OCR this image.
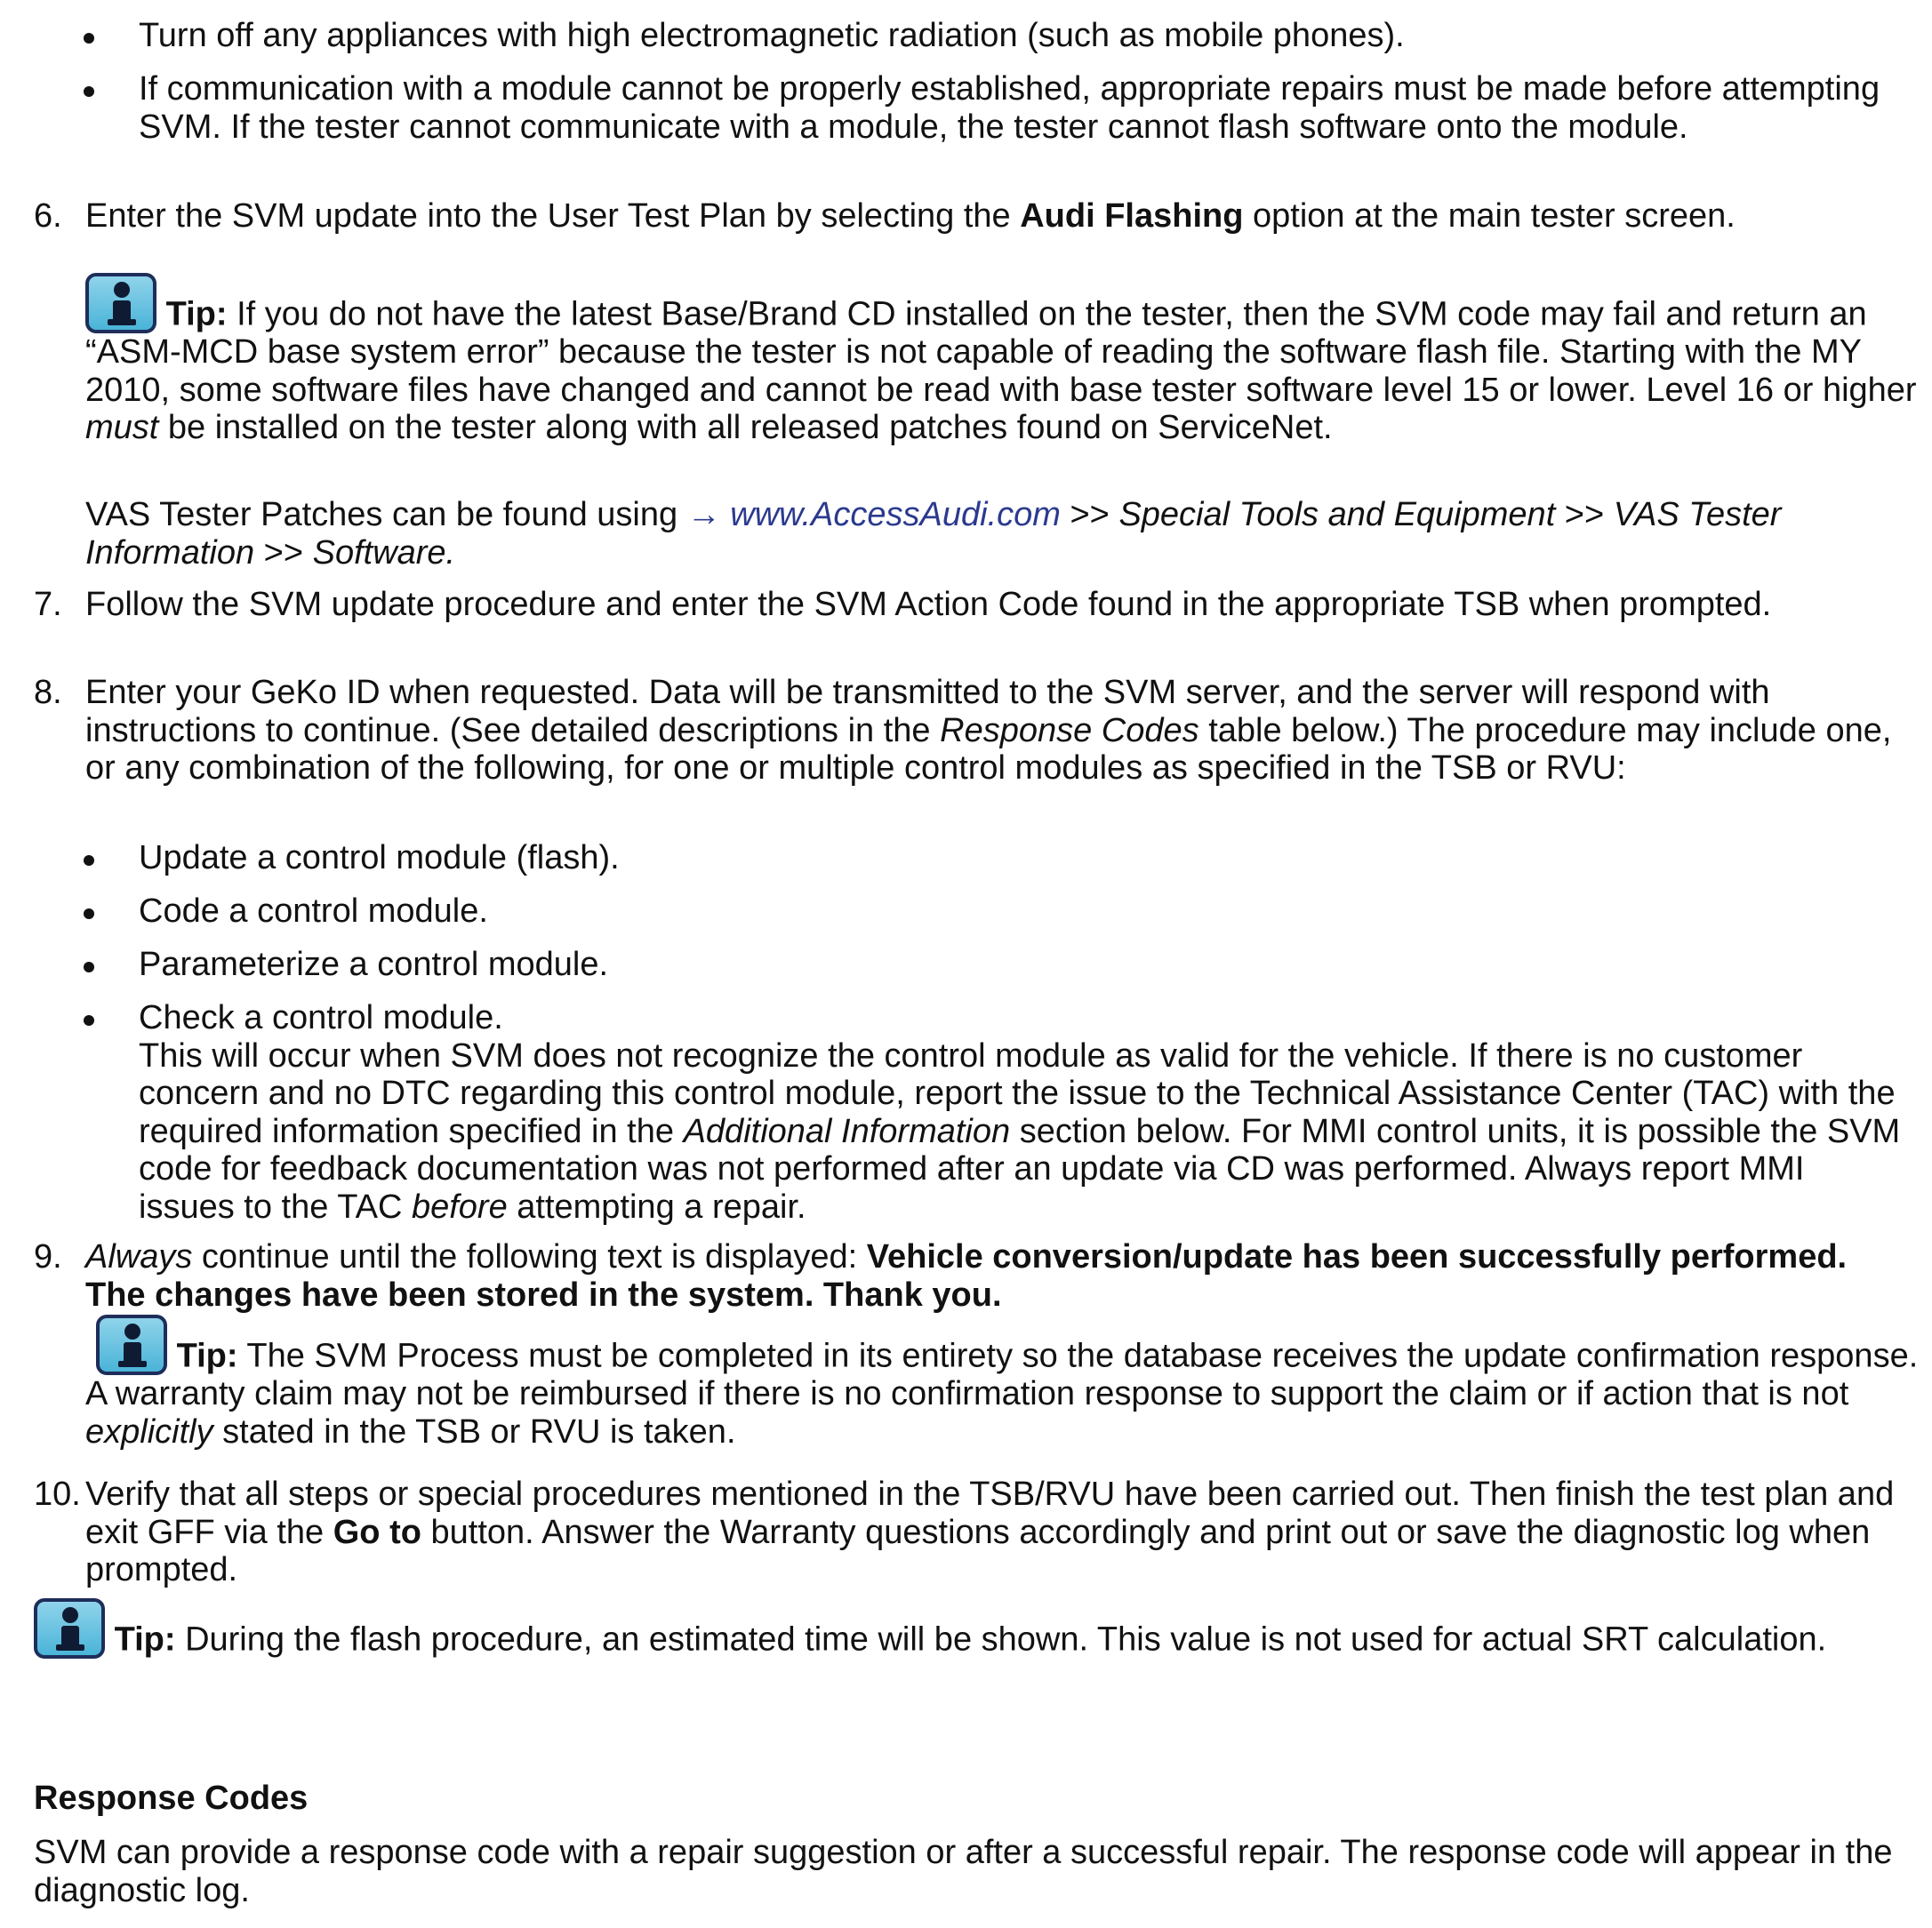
Turn off any appliances with high electromagnetic radiation (such as mobile phones).
If communication with a module cannot be properly established, appropriate repairs must be made before attempting SVM. If the tester cannot communicate with a module, the tester cannot flash software onto the module.
6. Enter the SVM update into the User Test Plan by selecting the Audi Flashing option at the main tester screen.
Tip: If you do not have the latest Base/Brand CD installed on the tester, then the SVM code may fail and return an “ASM-MCD base system error” because the tester is not capable of reading the software flash file. Starting with the MY 2010, some software files have changed and cannot be read with base tester software level 15 or lower. Level 16 or higher must be installed on the tester along with all released patches found on ServiceNet.
VAS Tester Patches can be found using → www.AccessAudi.com >> Special Tools and Equipment >> VAS Tester Information >> Software.
7. Follow the SVM update procedure and enter the SVM Action Code found in the appropriate TSB when prompted.
8. Enter your GeKo ID when requested. Data will be transmitted to the SVM server, and the server will respond with instructions to continue. (See detailed descriptions in the Response Codes table below.) The procedure may include one, or any combination of the following, for one or multiple control modules as specified in the TSB or RVU:
Update a control module (flash).
Code a control module.
Parameterize a control module.
Check a control module.
This will occur when SVM does not recognize the control module as valid for the vehicle. If there is no customer concern and no DTC regarding this control module, report the issue to the Technical Assistance Center (TAC) with the required information specified in the Additional Information section below. For MMI control units, it is possible the SVM code for feedback documentation was not performed after an update via CD was performed. Always report MMI issues to the TAC before attempting a repair.
9. Always continue until the following text is displayed: Vehicle conversion/update has been successfully performed. The changes have been stored in the system. Thank you.
Tip: The SVM Process must be completed in its entirety so the database receives the update confirmation response. A warranty claim may not be reimbursed if there is no confirmation response to support the claim or if action that is not explicitly stated in the TSB or RVU is taken.
10. Verify that all steps or special procedures mentioned in the TSB/RVU have been carried out. Then finish the test plan and exit GFF via the Go to button. Answer the Warranty questions accordingly and print out or save the diagnostic log when prompted.
Tip: During the flash procedure, an estimated time will be shown. This value is not used for actual SRT calculation.
Response Codes
SVM can provide a response code with a repair suggestion or after a successful repair. The response code will appear in the diagnostic log.
